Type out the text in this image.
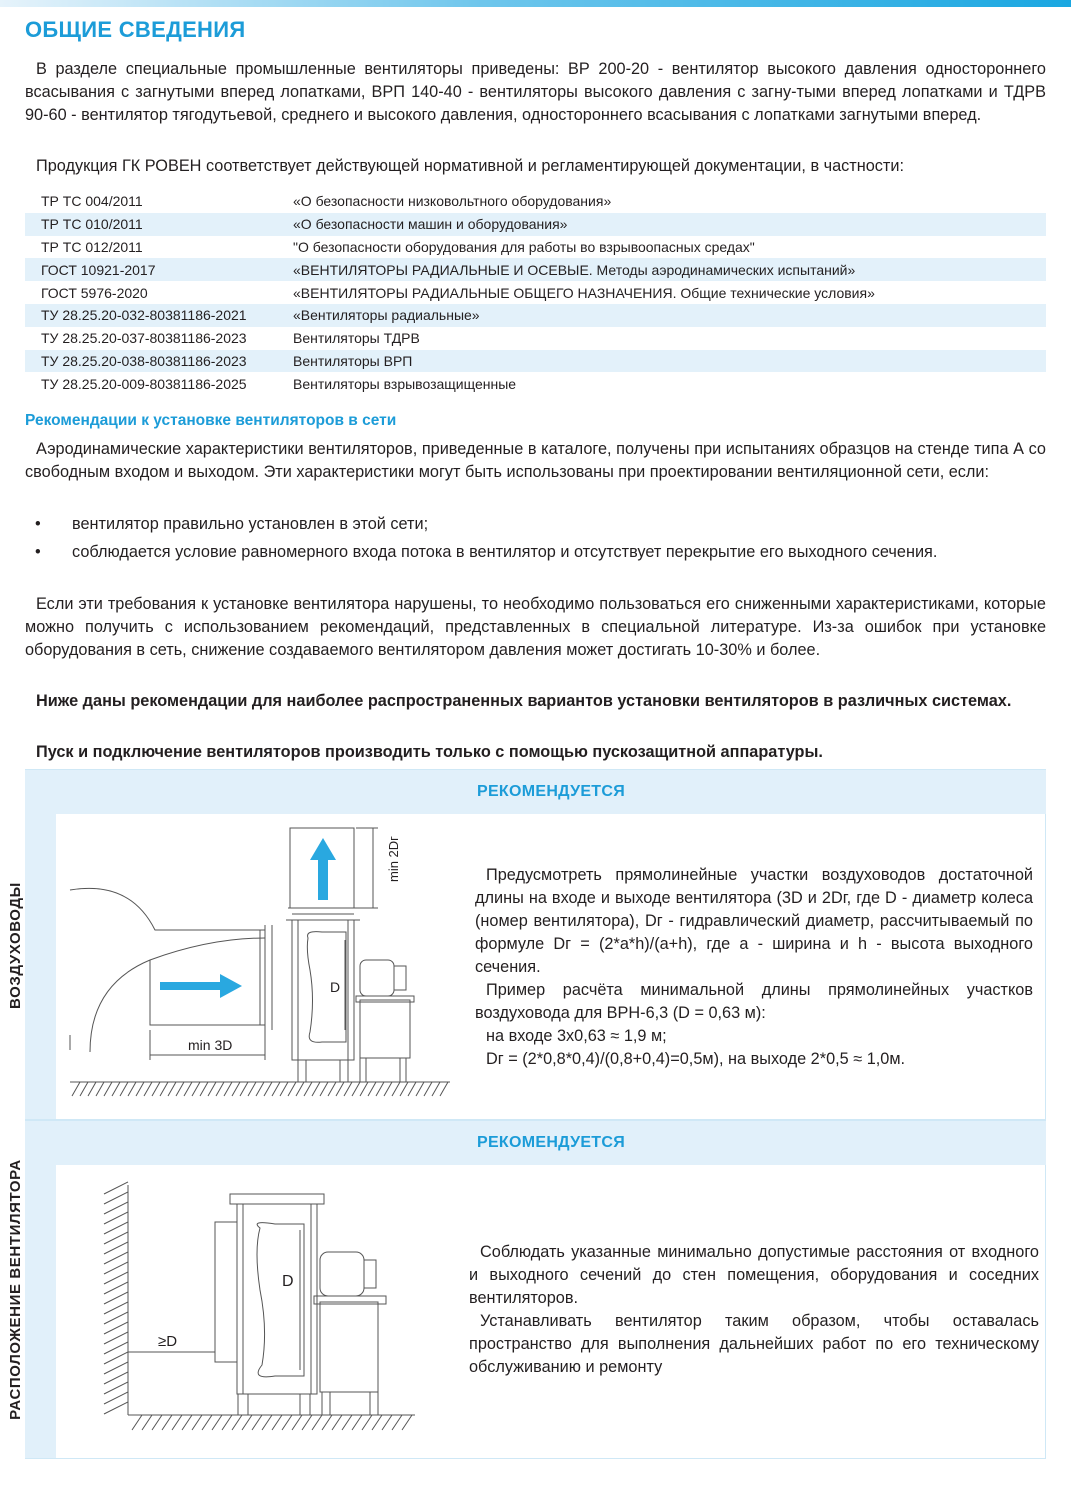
ОБЩИЕ СВЕДЕНИЯ

В разделе специальные промышленные вентиляторы приведены: ВР 200-20 - вентилятор высокого давления одностороннего всасывания с загнутыми вперед лопатками, ВРП 140-40 - вентиляторы высокого давления с загну-тыми вперед лопатками и ТДРВ 90-60 - вентилятор тягодутьевой, среднего и высокого давления, одностороннего всасывания с лопатками загнутыми вперед.

Продукция ГК РОВЕН соответствует действующей нормативной и регламентирующей документации, в частности:

ТР ТС 004/2011	«О безопасности низковольтного оборудования»
ТР ТС 010/2011	«О безопасности машин и оборудования»
ТР ТС 012/2011	"О безопасности оборудования для работы во взрывоопасных средах"
ГОСТ 10921-2017	«ВЕНТИЛЯТОРЫ РАДИАЛЬНЫЕ И ОСЕВЫЕ. Методы аэродинамических испытаний»
ГОСТ 5976-2020	«ВЕНТИЛЯТОРЫ РАДИАЛЬНЫЕ ОБЩЕГО НАЗНАЧЕНИЯ. Общие технические условия»
ТУ 28.25.20-032-80381186-2021	«Вентиляторы радиальные»
ТУ 28.25.20-037-80381186-2023	Вентиляторы ТДРВ
ТУ 28.25.20-038-80381186-2023	Вентиляторы ВРП
ТУ 28.25.20-009-80381186-2025	Вентиляторы взрывозащищенные
Рекомендации к установке вентиляторов в сети

Аэродинамические характеристики вентиляторов, приведенные в каталоге, получены при испытаниях образцов на стенде типа А со свободным входом и выходом. Эти характеристики могут быть использованы при проектировании вентиляционной сети, если:

• вентилятор правильно установлен в этой сети;
• соблюдается условие равномерного входа потока в вентилятор и отсутствует перекрытие его выходного сечения.

Если эти требования к установке вентилятора нарушены, то необходимо пользоваться его сниженными характеристиками, которые можно получить с использованием рекомендаций, представленных в специальной литературе. Из-за ошибок при установке оборудования в сеть, снижение создаваемого вентилятором давления может достигать 10-30% и более.

Ниже даны рекомендации для наиболее распространенных вариантов установки вентиляторов в различных системах.

Пуск и подключение вентиляторов производить только с помощью пускозащитной аппаратуры.

ВОЗДУХОВОДЫ
РЕКОМЕНДУЕТСЯ
РАСПОЛОЖЕНИЕ ВЕНТИЛЯТОРА
РЕКОМЕНДУЕТСЯ
min 2Dг
D
min 3D

Предусмотреть прямолинейные участки воздуховодов достаточной длины на входе и выходе вентилятора (3D и 2Dг, где D - диаметр колеса (номер вентилятора), Dг - гидравлический диаметр, рассчитываемый по формуле Dг = (2*a*h)/(a+h), где a - ширина и h - высота выходного сечения.

Пример расчёта минимальной длины прямолинейных участков воздуховода для ВРН-6,3 (D = 0,63 м):

на входе 3х0,63 ≈ 1,9 м;

Dг = (2*0,8*0,4)/(0,8+0,4)=0,5м), на выходе 2*0,5 ≈ 1,0м.

D
≥D

Соблюдать указанные минимально допустимые расстояния от входного и выходного сечений до стен помещения, оборудования и соседних вентиляторов.

Устанавливать вентилятор таким образом, чтобы оставалась пространство для выполнения дальнейших работ по его техническому обслуживанию и ремонту
